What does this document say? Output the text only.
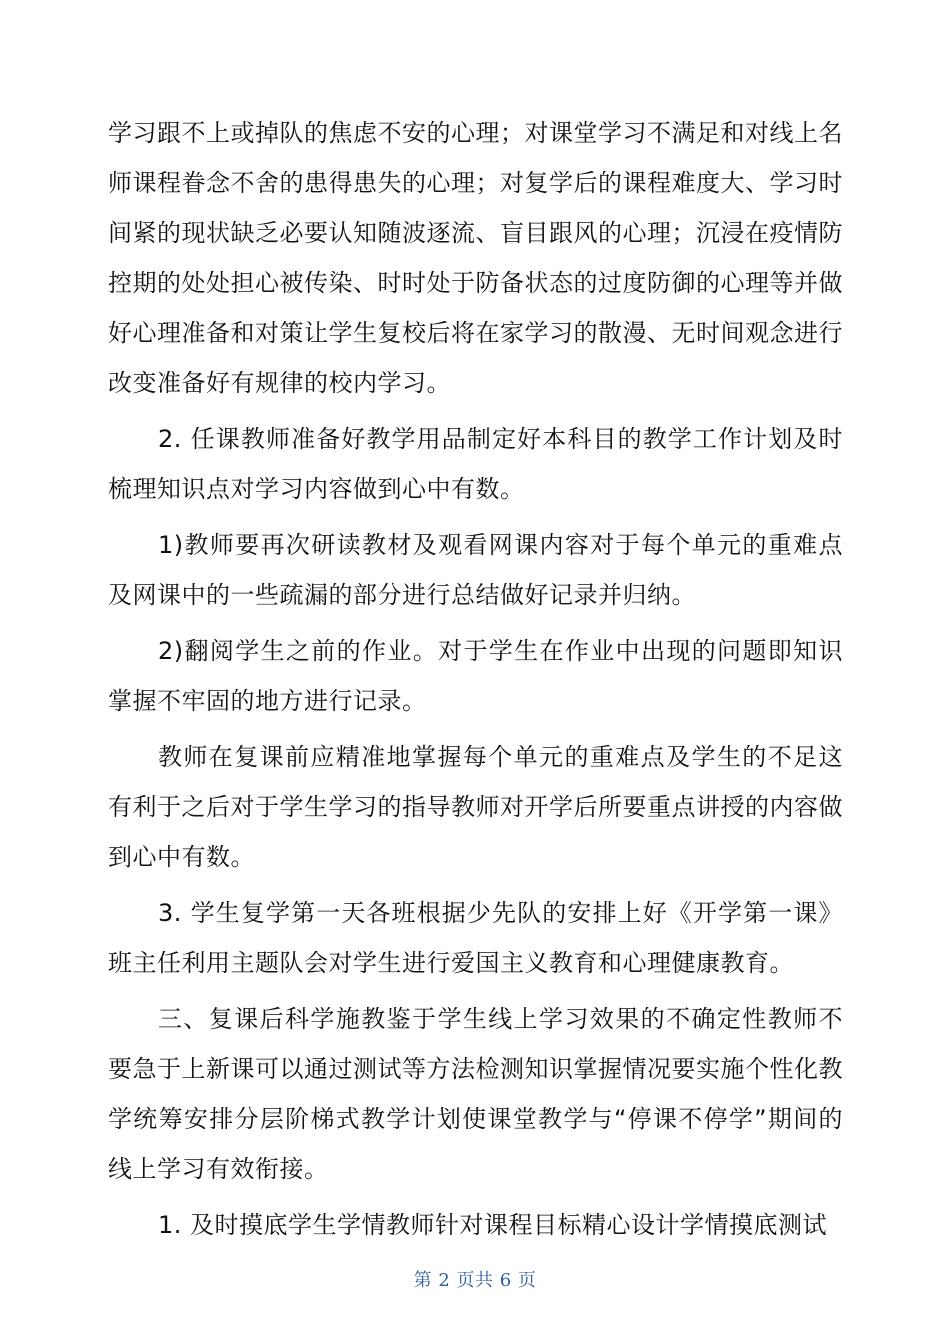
学习跟不上或掉队的焦虑不安的心理；对课堂学习不满足和对线上名师课程眷念不舍的患得患失的心理；对复学后的课程难度大、学习时间紧的现状缺乏必要认知随波逐流、盲目跟风的心理；沉浸在疫情防控期的处处担心被传染、时时处于防备状态的过度防御的心理等并做好心理准备和对策让学生复校后将在家学习的散漫、无时间观念进行改变准备好有规律的校内学习。

2. 任课教师准备好教学用品制定好本科目的教学工作计划及时梳理知识点对学习内容做到心中有数。

1)教师要再次研读教材及观看网课内容对于每个单元的重难点及网课中的一些疏漏的部分进行总结做好记录并归纳。

2)翻阅学生之前的作业。对于学生在作业中出现的问题即知识掌握不牢固的地方进行记录。

教师在复课前应精准地掌握每个单元的重难点及学生的不足这有利于之后对于学生学习的指导教师对开学后所要重点讲授的内容做到心中有数。

3. 学生复学第一天各班根据少先队的安排上好《开学第一课》班主任利用主题队会对学生进行爱国主义教育和心理健康教育。

三、复课后科学施教鉴于学生线上学习效果的不确定性教师不要急于上新课可以通过测试等方法检测知识掌握情况要实施个性化教学统筹安排分层阶梯式教学计划使课堂教学与“停课不停学”期间的线上学习有效衔接。

1. 及时摸底学生学情教师针对课程目标精心设计学情摸底测试

第 2 页共 6 页
